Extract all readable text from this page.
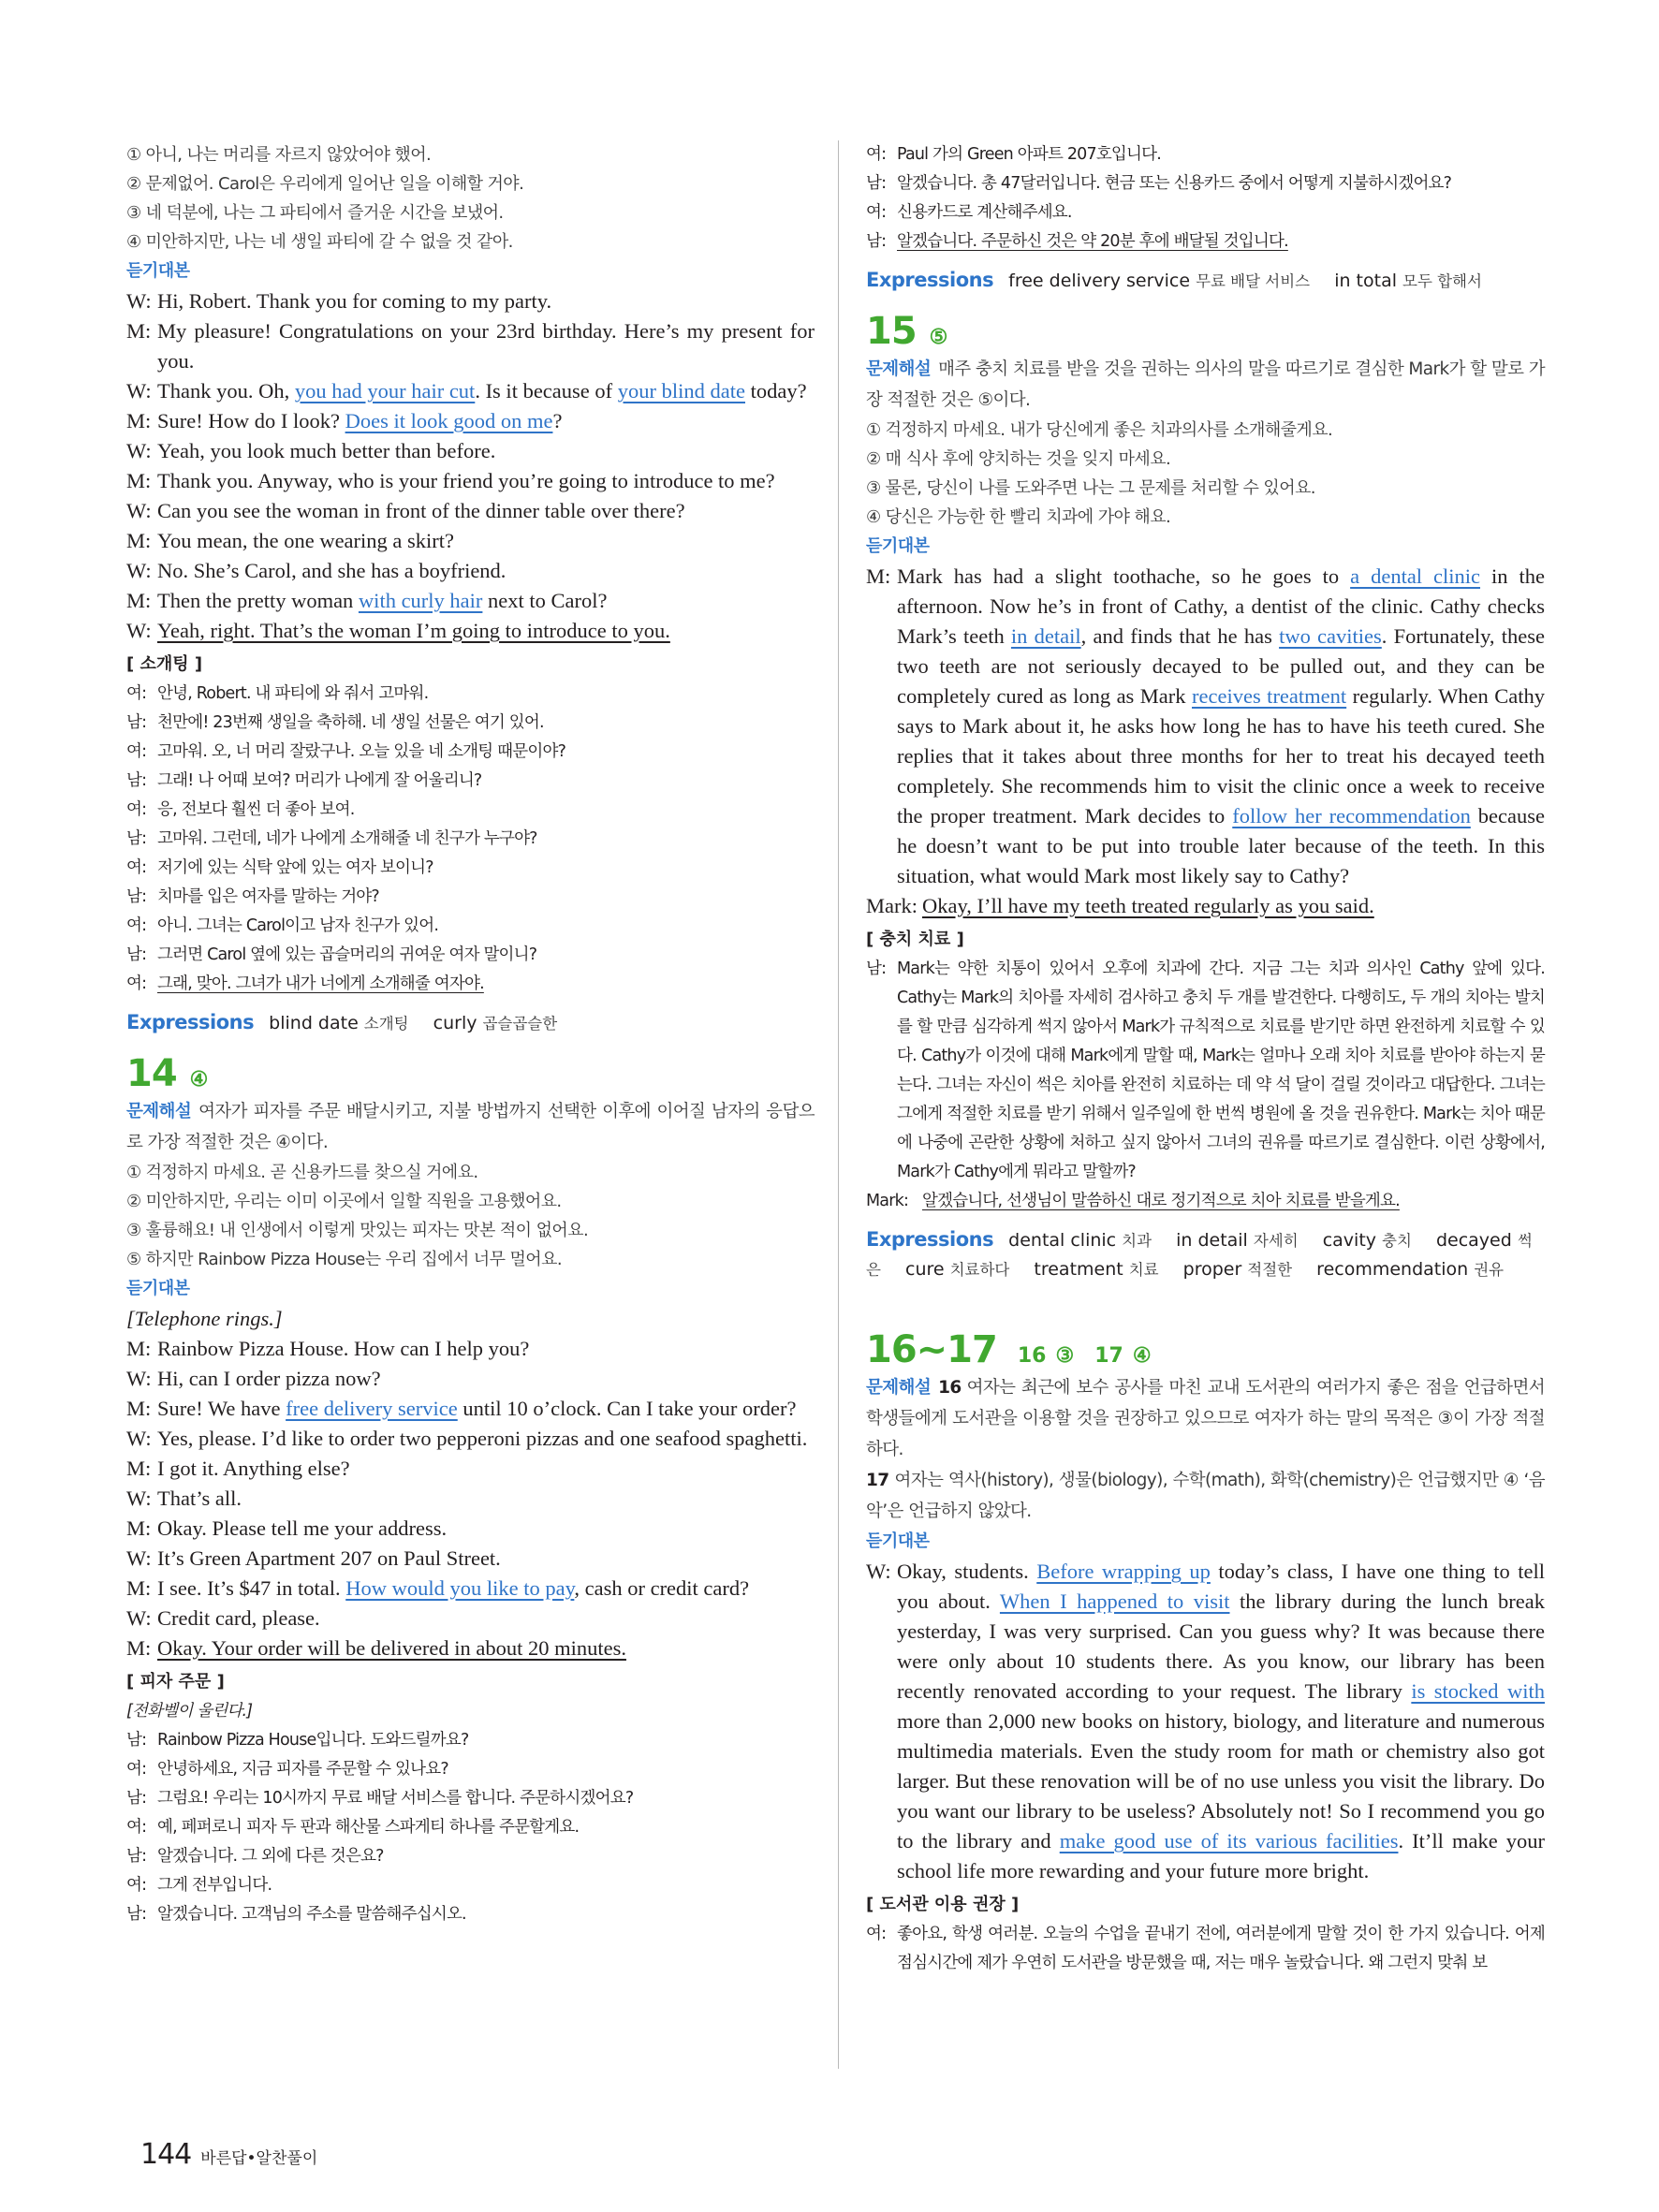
① 아니, 나는 머리를 자르지 않았어야 했어.

② 문제없어. Carol은 우리에게 일어난 일을 이해할 거야.

③ 네 덕분에, 나는 그 파티에서 즐거운 시간을 보냈어.

④ 미안하지만, 나는 네 생일 파티에 갈 수 없을 것 같아.

듣기대본

W: Hi, Robert. Thank you for coming to my party.

M: My pleasure! Congratulations on your 23rd birthday. Here’s my present for you.

W: Thank you. Oh, you had your hair cut. Is it because of your blind date today?

M: Sure! How do I look? Does it look good on me?

W: Yeah, you look much better than before.

M: Thank you. Anyway, who is your friend you’re going to introduce to me?

W: Can you see the woman in front of the dinner table over there?

M: You mean, the one wearing a skirt?

W: No. She’s Carol, and she has a boyfriend.

M: Then the pretty woman with curly hair next to Carol?

W: Yeah, right. That’s the woman I’m going to introduce to you.

[ 소개팅 ]

여: 안녕, Robert. 내 파티에 와 줘서 고마워.

남: 천만에! 23번째 생일을 축하해. 네 생일 선물은 여기 있어.

여: 고마워. 오, 너 머리 잘랐구나. 오늘 있을 네 소개팅 때문이야?

남: 그래! 나 어때 보여? 머리가 나에게 잘 어울리니?

여: 응, 전보다 훨씬 더 좋아 보여.

남: 고마워. 그런데, 네가 나에게 소개해줄 네 친구가 누구야?

여: 저기에 있는 식탁 앞에 있는 여자 보이니?

남: 치마를 입은 여자를 말하는 거야?

여: 아니. 그녀는 Carol이고 남자 친구가 있어.

남: 그러면 Carol 옆에 있는 곱슬머리의 귀여운 여자 말이니?

여: 그래, 맞아. 그녀가 내가 너에게 소개해줄 여자야.

Expressions blind date 소개팅 curly 곱슬곱슬한
14 ④

문제해설 여자가 피자를 주문 배달시키고, 지불 방법까지 선택한 이후에 이어질 남자의 응답으로 가장 적절한 것은 ④이다.

① 걱정하지 마세요. 곧 신용카드를 찾으실 거에요.

② 미안하지만, 우리는 이미 이곳에서 일할 직원을 고용했어요.

③ 훌륭해요! 내 인생에서 이렇게 맛있는 피자는 맛본 적이 없어요.

⑤ 하지만 Rainbow Pizza House는 우리 집에서 너무 멀어요.

듣기대본

[Telephone rings.]

M: Rainbow Pizza House. How can I help you?

W: Hi, can I order pizza now?

M: Sure! We have free delivery service until 10 o’clock. Can I take your order?

W: Yes, please. I’d like to order two pepperoni pizzas and one seafood spaghetti.

M: I got it. Anything else?

W: That’s all.

M: Okay. Please tell me your address.

W: It’s Green Apartment 207 on Paul Street.

M: I see. It’s $47 in total. How would you like to pay, cash or credit card?

W: Credit card, please.

M: Okay. Your order will be delivered in about 20 minutes.

[ 피자 주문 ]

[전화벨이 울린다.]

남: Rainbow Pizza House입니다. 도와드릴까요?

여: 안녕하세요, 지금 피자를 주문할 수 있나요?

남: 그럼요! 우리는 10시까지 무료 배달 서비스를 합니다. 주문하시겠어요?

여: 예, 페퍼로니 피자 두 판과 해산물 스파게티 하나를 주문할게요.

남: 알겠습니다. 그 외에 다른 것은요?

여: 그게 전부입니다.

남: 알겠습니다. 고객님의 주소를 말씀해주십시오.

여: Paul 가의 Green 아파트 207호입니다.

남: 알겠습니다. 총 47달러입니다. 현금 또는 신용카드 중에서 어떻게 지불하시겠어요?

여: 신용카드로 계산해주세요.

남: 알겠습니다. 주문하신 것은 약 20분 후에 배달될 것입니다.

Expressions free delivery service 무료 배달 서비스 in total 모두 합해서
15 ⑤

문제해설 매주 충치 치료를 받을 것을 권하는 의사의 말을 따르기로 결심한 Mark가 할 말로 가장 적절한 것은 ⑤이다.

① 걱정하지 마세요. 내가 당신에게 좋은 치과의사를 소개해줄게요.

② 매 식사 후에 양치하는 것을 잊지 마세요.

③ 물론, 당신이 나를 도와주면 나는 그 문제를 처리할 수 있어요.

④ 당신은 가능한 한 빨리 치과에 가야 해요.

듣기대본

M: Mark has had a slight toothache, so he goes to a dental clinic in the afternoon. Now he’s in front of Cathy, a dentist of the clinic. Cathy checks Mark’s teeth in detail, and finds that he has two cavities. Fortunately, these two teeth are not seriously decayed to be pulled out, and they can be completely cured as long as Mark receives treatment regularly. When Cathy says to Mark about it, he asks how long he has to have his teeth cured. She replies that it takes about three months for her to treat his decayed teeth completely. She recommends him to visit the clinic once a week to receive the proper treatment. Mark decides to follow her recommendation because he doesn’t want to be put into trouble later because of the teeth. In this situation, what would Mark most likely say to Cathy?

Mark: Okay, I’ll have my teeth treated regularly as you said.

[ 충치 치료 ]

남: Mark는 약한 치통이 있어서 오후에 치과에 간다. 지금 그는 치과 의사인 Cathy 앞에 있다. Cathy는 Mark의 치아를 자세히 검사하고 충치 두 개를 발견한다. 다행히도, 두 개의 치아는 발치를 할 만큼 심각하게 썩지 않아서 Mark가 규칙적으로 치료를 받기만 하면 완전하게 치료할 수 있다. Cathy가 이것에 대해 Mark에게 말할 때, Mark는 얼마나 오래 치아 치료를 받아야 하는지 묻는다. 그녀는 자신이 썩은 치아를 완전히 치료하는 데 약 석 달이 걸릴 것이라고 대답한다. 그녀는 그에게 적절한 치료를 받기 위해서 일주일에 한 번씩 병원에 올 것을 권유한다. Mark는 치아 때문에 나중에 곤란한 상황에 처하고 싶지 않아서 그녀의 권유를 따르기로 결심한다. 이런 상황에서, Mark가 Cathy에게 뭐라고 말할까?

Mark: 알겠습니다, 선생님이 말씀하신 대로 정기적으로 치아 치료를 받을게요.

Expressions dental clinic 치과 in detail 자세히 cavity 충치 decayed 썩은 cure 치료하다 treatment 치료 proper 적절한 recommendation 권유
16~17 16 ③ 17 ④

문제해설 16 여자는 최근에 보수 공사를 마친 교내 도서관의 여러가지 좋은 점을 언급하면서 학생들에게 도서관을 이용할 것을 권장하고 있으므로 여자가 하는 말의 목적은 ③이 가장 적절하다.

17 여자는 역사(history), 생물(biology), 수학(math), 화학(chemistry)은 언급했지만 ④ ‘음악’은 언급하지 않았다.

듣기대본

W: Okay, students. Before wrapping up today’s class, I have one thing to tell you about. When I happened to visit the library during the lunch break yesterday, I was very surprised. Can you guess why? It was because there were only about 10 students there. As you know, our library has been recently renovated according to your request. The library is stocked with more than 2,000 new books on history, biology, and literature and numerous multimedia materials. Even the study room for math or chemistry also got larger. But these renovation will be of no use unless you visit the library. Do you want our library to be useless? Absolutely not! So I recommend you go to the library and make good use of its various facilities. It’ll make your school life more rewarding and your future more bright.

[ 도서관 이용 권장 ]

여: 좋아요, 학생 여러분. 오늘의 수업을 끝내기 전에, 여러분에게 말할 것이 한 가지 있습니다. 어제 점심시간에 제가 우연히 도서관을 방문했을 때, 저는 매우 놀랐습니다. 왜 그런지 맞춰 보

144 바른답•알찬풀이
